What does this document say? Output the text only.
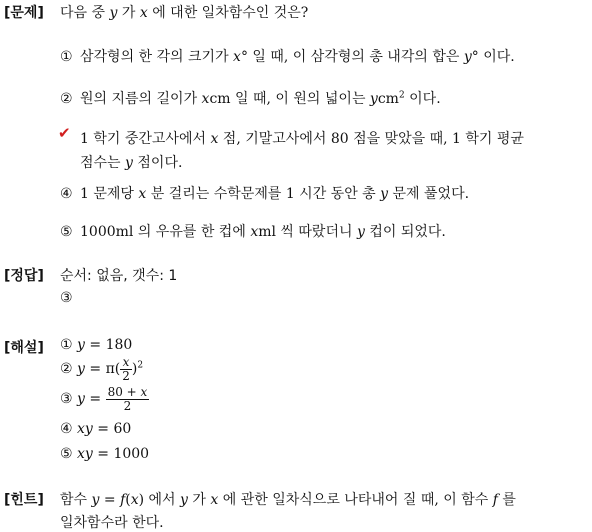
[문제] 다음 중 y 가 x 에 대한 일차함수인 것은?
① 삼각형의 한 각의 크기가 x° 일 때, 이 삼각형의 총 내각의 합은 y° 이다.
② 원의 지름의 길이가 xcm 일 때, 이 원의 넓이는 ycm$^2$ 이다.
✔ 1 학기 중간고사에서 x 점, 기말고사에서 80 점을 맞았을 때, 1 학기 평균
점수는 y 점이다.
④ 1 문제당 x 분 걸리는 수학문제를 1 시간 동안 총 y 문제 풀었다.
⑤ 1000ml 의 우유를 한 컵에 xml 씩 따랐더니 y 컵이 되었다.
[정답] 순서: 없음, 갯수: 1
③
[해설] ① y = 180
② $y = \pi( \frac{x}{2} )^2$
③ $y = \frac{80 + x}{2}$
④ xy = 60
⑤ xy = 1000
[힌트] 함수 y = f(x) 에서 y 가 x 에 관한 일차식으로 나타내어 질 때, 이 함수 f 를
일차함수라 한다.
